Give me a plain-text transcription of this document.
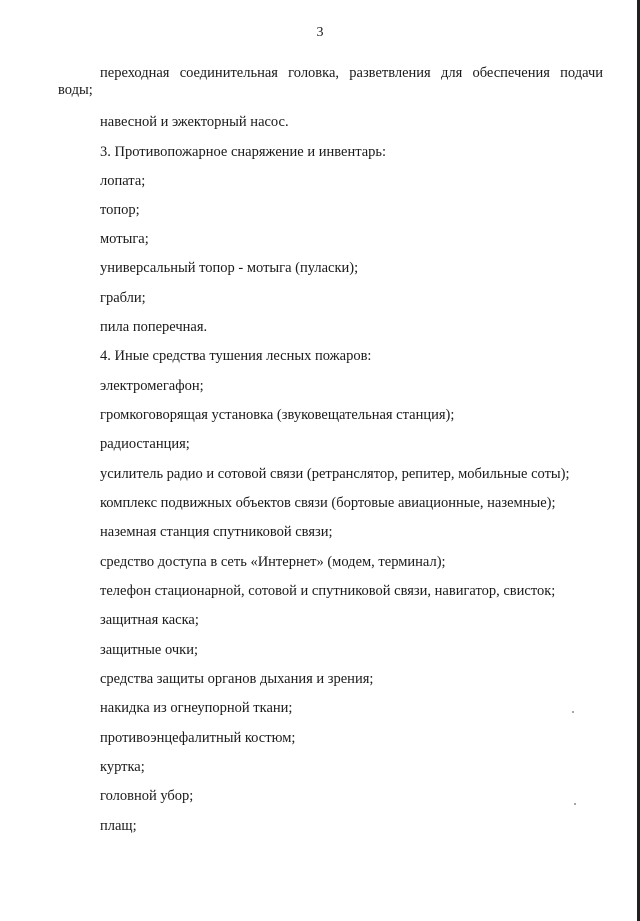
3
переходная соединительная головка, разветвления для обеспечения подачи
воды;
навесной и эжекторный насос.
3. Противопожарное снаряжение и инвентарь:
лопата;
топор;
мотыга;
универсальный топор - мотыга (пуласки);
грабли;
пила поперечная.
4. Иные средства тушения лесных пожаров:
электромегафон;
громкоговорящая установка (звуковещательная станция);
радиостанция;
усилитель радио и сотовой связи (ретранслятор, репитер, мобильные соты);
комплекс подвижных объектов связи (бортовые авиационные, наземные);
наземная станция спутниковой связи;
средство доступа в сеть «Интернет» (модем, терминал);
телефон стационарной, сотовой и спутниковой связи, навигатор, свисток;
защитная каска;
защитные очки;
средства защиты органов дыхания и зрения;
накидка из огнеупорной ткани;
противоэнцефалитный костюм;
куртка;
головной убор;
плащ;
